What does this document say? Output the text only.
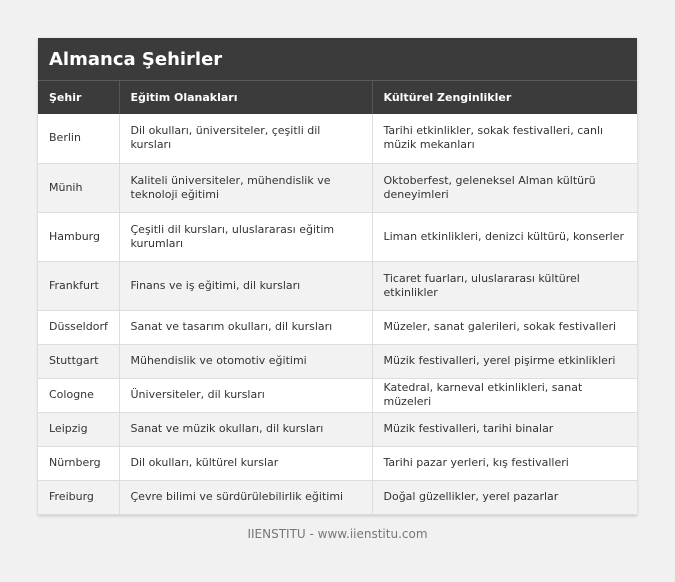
Almanca Şehirler
Şehir	Eğitim Olanakları	Kültürel Zenginlikler
Berlin	Dil okulları, üniversiteler, çeşitli dil kursları	Tarihi etkinlikler, sokak festivalleri, canlı müzik mekanları
Münih	Kaliteli üniversiteler, mühendislik ve teknoloji eğitimi	Oktoberfest, geleneksel Alman kültürü deneyimleri
Hamburg	Çeşitli dil kursları, uluslararası eğitim kurumları	Liman etkinlikleri, denizci kültürü, konserler
Frankfurt	Finans ve iş eğitimi, dil kursları	Ticaret fuarları, uluslararası kültürel etkinlikler
Düsseldorf	Sanat ve tasarım okulları, dil kursları	Müzeler, sanat galerileri, sokak festivalleri
Stuttgart	Mühendislik ve otomotiv eğitimi	Müzik festivalleri, yerel pişirme etkinlikleri
Cologne	Üniversiteler, dil kursları	Katedral, karneval etkinlikleri, sanat müzeleri
Leipzig	Sanat ve müzik okulları, dil kursları	Müzik festivalleri, tarihi binalar
Nürnberg	Dil okulları, kültürel kurslar	Tarihi pazar yerleri, kış festivalleri
Freiburg	Çevre bilimi ve sürdürülebilirlik eğitimi	Doğal güzellikler, yerel pazarlar
IIENSTITU - www.iienstitu.com
